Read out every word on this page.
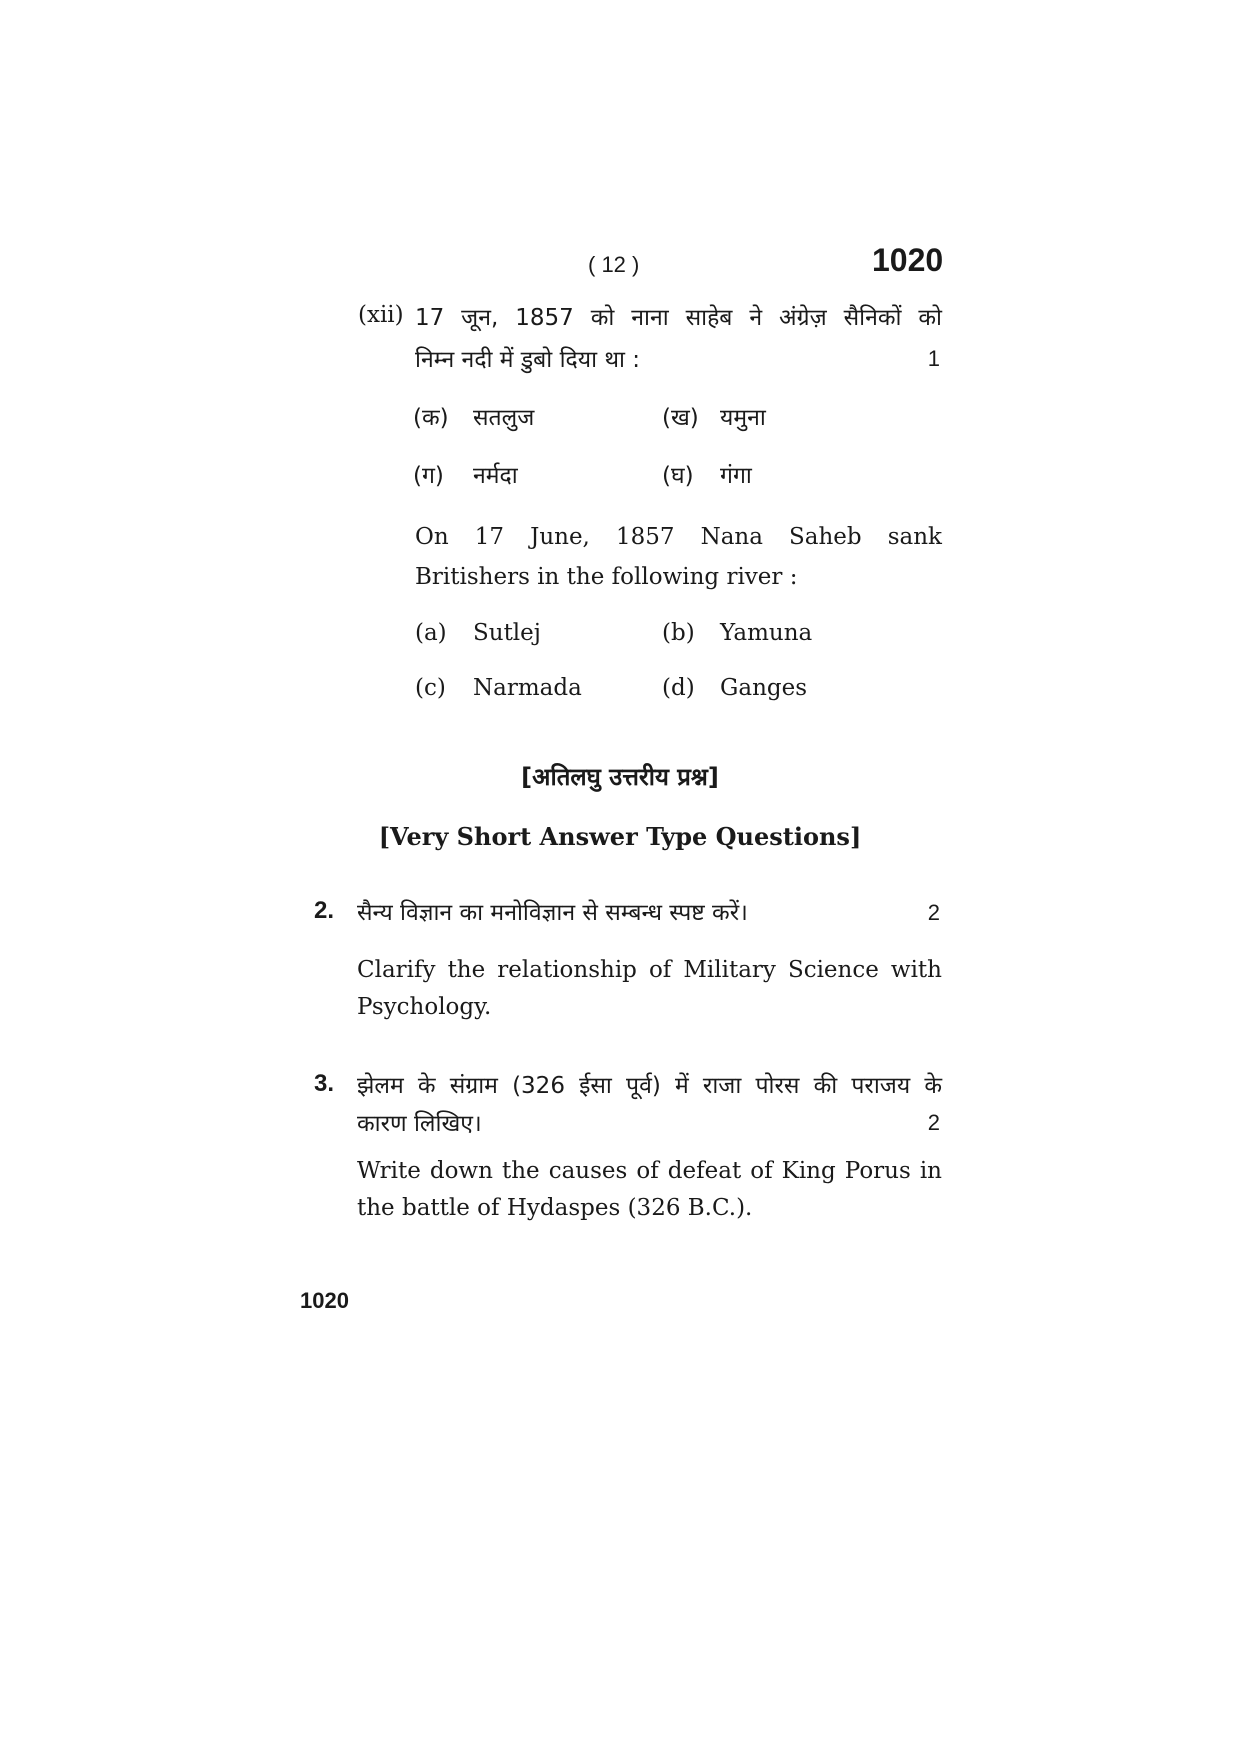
( 12 )	1020
(xii) 17 जून, 1857 को नाना साहेब ने अंग्रेज़ सैनिकों को
निम्न नदी में डुबो दिया था :	1
(क) सतलुज	(ख) यमुना
(ग) नर्मदा	(घ) गंगा
On 17 June, 1857 Nana Saheb sank
Britishers in the following river :
(a) Sutlej	(b) Yamuna
(c) Narmada	(d) Ganges
[अतिलघु उत्तरीय प्रश्न]
[Very Short Answer Type Questions]
2. सैन्य विज्ञान का मनोविज्ञान से सम्बन्ध स्पष्ट करें।	2
Clarify the relationship of Military Science with
Psychology.
3. झेलम के संग्राम (326 ईसा पूर्व) में राजा पोरस की पराजय के
कारण लिखिए।	2
Write down the causes of defeat of King Porus in
the battle of Hydaspes (326 B.C.).
1020
